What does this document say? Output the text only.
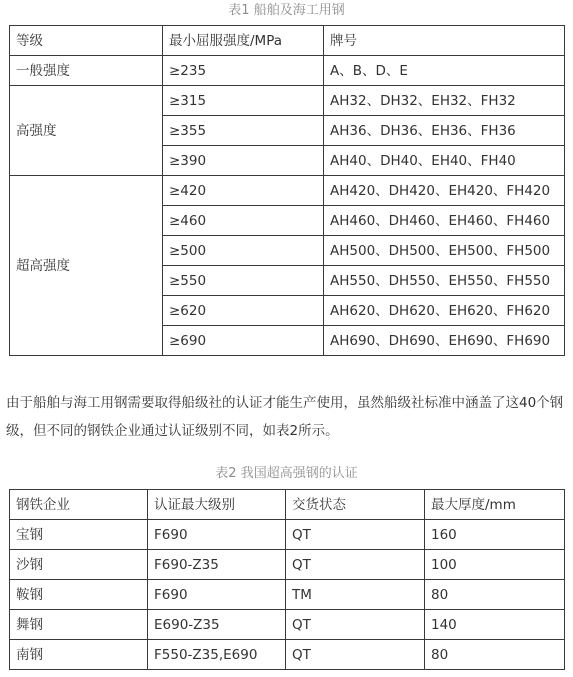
表1 船舶及海工用钢
等级	最小屈服强度/MPa	牌号
一般强度	≥235	A、B、D、E
高强度	≥315	AH32、DH32、EH32、FH32
	≥355	AH36、DH36、EH36、FH36
	≥390	AH40、DH40、EH40、FH40
超高强度	≥420	AH420、DH420、EH420、FH420
	≥460	AH460、DH460、EH460、FH460
	≥500	AH500、DH500、EH500、FH500
	≥550	AH550、DH550、EH550、FH550
	≥620	AH620、DH620、EH620、FH620
	≥690	AH690、DH690、EH690、FH690
由于船舶与海工用钢需要取得船级社的认证才能生产使用，虽然船级社标准中涵盖了这40个钢级，但不同的钢铁企业通过认证级别不同，如表2所示。
表2 我国超高强钢的认证
钢铁企业	认证最大级别	交货状态	最大厚度/mm
宝钢	F690	QT	160
沙钢	F690-Z35	QT	100
鞍钢	F690	TM	80
舞钢	E690-Z35	QT	140
南钢	F550-Z35,E690	QT	80
